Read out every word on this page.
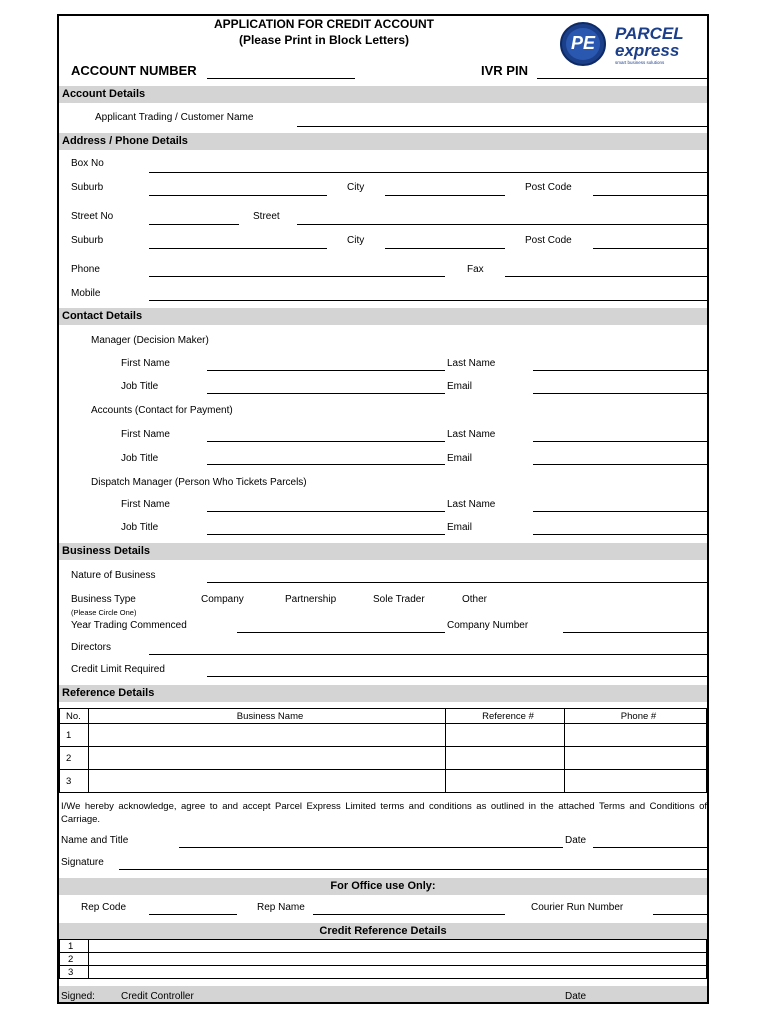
APPLICATION FOR CREDIT ACCOUNT
(Please Print in Block Letters)	PE	PARCEL
express
smart business solutions
ACCOUNT NUMBER	IVR PIN
Account Details
Applicant Trading / Customer Name
Address / Phone Details
Box No
Suburb	City	Post Code
Street No	Street
Suburb	City	Post Code
Phone	Fax
Mobile
Contact Details
Manager (Decision Maker)
First Name	Last Name
Job Title	Email
Accounts (Contact for Payment)
First Name	Last Name
Job Title	Email
Dispatch Manager (Person Who Tickets Parcels)
First Name	Last Name
Job Title	Email
Business Details
Nature of Business
Business Type	Company	Partnership	Sole Trader	Other
(Please Circle One)
Year Trading Commenced	Company Number
Directors
Credit Limit Required
Reference Details
No.	Business Name	Reference #	Phone #
1			
2			
3			
I/We hereby acknowledge, agree to and accept Parcel Express Limited terms and conditions as outlined in the attached Terms and Conditions of Carriage.
Name and Title	Date
Signature
For Office use Only:
Rep Code	Rep Name	Courier Run Number
Credit Reference Details
1	
2	
3	
Signed:	Credit Controller	Date
